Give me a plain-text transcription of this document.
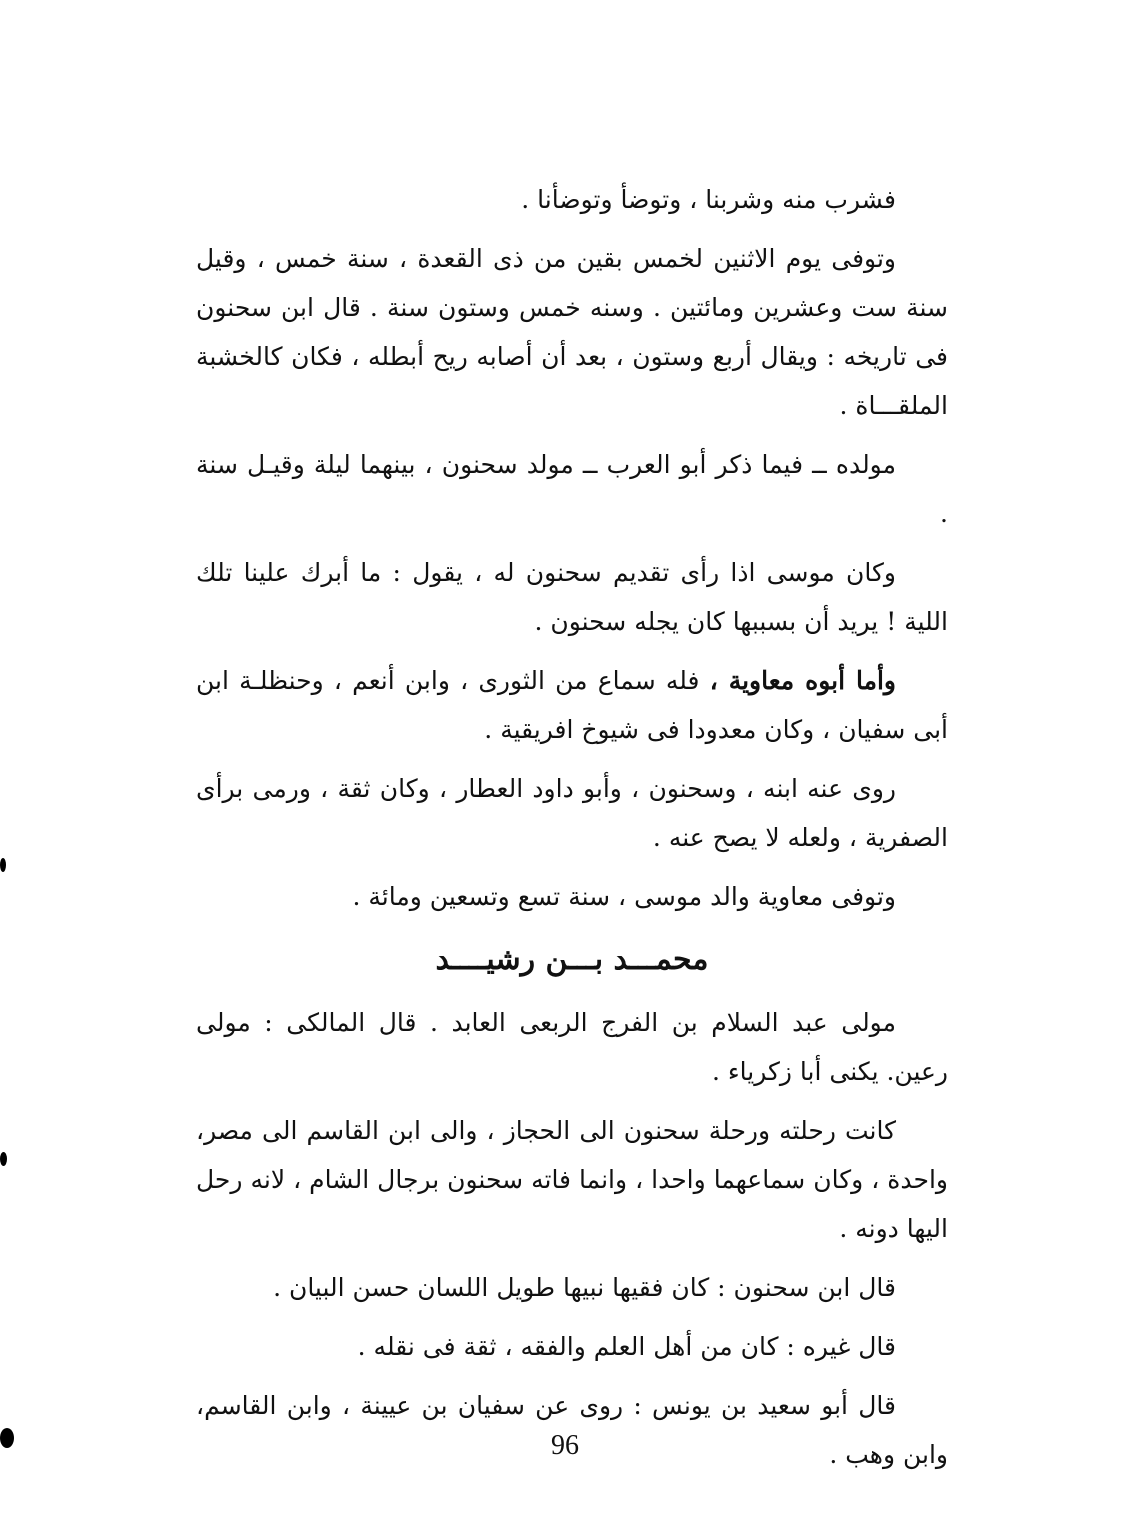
فشرب منه وشربنا ، وتوضأ وتوضأنا .

وتوفى يوم الاثنين لخمس بقين من ذى القعدة ، سنة خمس ، وقيل سنة ست وعشرين ومائتين . وسنه خمس وستون سنة . قال ابن سحنون فى تاريخه : ويقال أربع وستون ، بعد أن أصابه ريح أبطله ، فكان كالخشبة الملقـــاة .

مولده ــ فيما ذكر أبو العرب ــ مولد سحنون ، بينهما ليلة وقيـل سنة .

وكان موسى اذا رأى تقديم سحنون له ، يقول : ما أبرك علينا تلك اللية ! يريد أن بسببها كان يجله سحنون .

وأما أبوه معاوية ، فله سماع من الثورى ، وابن أنعم ، وحنظلـة ابن أبى سفيان ، وكان معدودا فى شيوخ افريقية .

روى عنه ابنه ، وسحنون ، وأبو داود العطار ، وكان ثقة ، ورمى برأى الصفرية ، ولعله لا يصح عنه .

وتوفى معاوية والد موسى ، سنة تسع وتسعين ومائة .

محمـــد بـــن رشيــــد

مولى عبد السلام بن الفرج الربعى العابد . قال المالكى : مولى رعين. يكنى أبا زكرياء .

كانت رحلته ورحلة سحنون الى الحجاز ، والى ابن القاسم الى مصر، واحدة ، وكان سماعهما واحدا ، وانما فاته سحنون برجال الشام ، لانه رحل اليها دونه .

قال ابن سحنون : كان فقيها نبيها طويل اللسان حسن البيان .

قال غيره : كان من أهل العلم والفقه ، ثقة فى نقله .

قال أبو سعيد بن يونس : روى عن سفيان بن عيينة ، وابن القاسم، وابن وهب .

96
